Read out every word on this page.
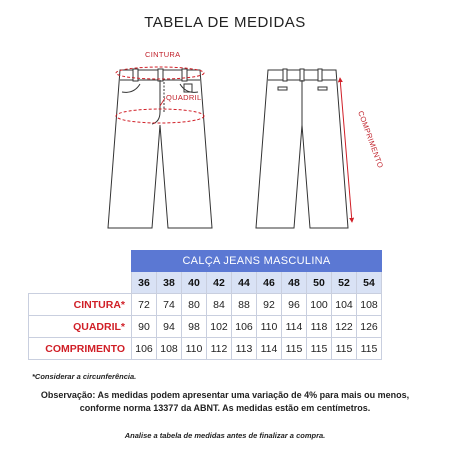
TABELA DE MEDIDAS
CINTURA
QUADRIL
COMPRIMENTO
	CALÇA JEANS MASCULINA									
	36	38	40	42	44	46	48	50	52	54
CINTURA*	72	74	80	84	88	92	96	100	104	108
QUADRIL*	90	94	98	102	106	110	114	118	122	126
COMPRIMENTO	106	108	110	112	113	114	115	115	115	115
*Considerar a circunferência.
Observação: As medidas podem apresentar uma variação de 4% para mais ou menos,
conforme norma 13377 da ABNT. As medidas estão em centímetros.
Analise a tabela de medidas antes de finalizar a compra.
